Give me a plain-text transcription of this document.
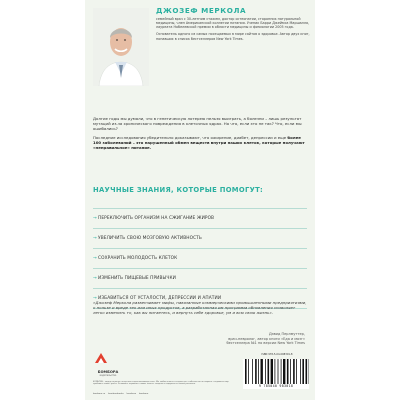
ДЖОЗЕФ МЕРКОЛА

семейный врач с 30-летним стажем, доктор остеопатии, сторонник натуральной медицины, член Американской коллегии питания. Ученик Барри Джеймса Маршалла, лауреата Нобелевской премии в области медицины и физиологии 2005 года.

Основатель одного из самых посещаемых в мире сайтов о здоровье. Автор двух книг, попавших в список бестселлеров New York Times.

Долгие годы мы думали, что в генетическую лотерею нельзя выиграть, а болезни – лишь результат мутаций из-за хронического повреждения в клеточных ядрах. Но что, если это не так? Что, если мы ошибались?

Последние исследования убедительно доказывают, что ожирение, диабет, депрессии и еще более 100 заболеваний – это нарушенный обмен веществ внутри наших клеток, которые получают «неправильное» питание.

НАУЧНЫЕ ЗНАНИЯ, КОТОРЫЕ ПОМОГУТ:
→ ПЕРЕКЛЮЧИТЬ ОРГАНИЗМ НА СЖИГАНИЕ ЖИРОВ
→ УВЕЛИЧИТЬ СВОЮ МОЗГОВУЮ АКТИВНОСТЬ
→ СОХРАНИТЬ МОЛОДОСТЬ КЛЕТОК
→ ИЗМЕНИТЬ ПИЩЕВЫЕ ПРИВЫЧКИ
→ ИЗБАВИТЬСЯ ОТ УСТАЛОСТИ, ДЕПРЕССИИ И АПАТИИ
«Джозеф Меркола развенчивает мифы, навязанные коммерческими промышленными предприятиями, о пользе и вреде тех или иных продуктов, а разработанная им программа обновления позволяет легко изменить то, как вы питаетесь, и вернуть себе здоровье, ум и всю свою жизнь».
Дэвид Перлмуттер,
врач-невролог, автор книги «Еда и мозг»
бестселлера №1 по версии New York Times
БОМБОРА
издательство
БОМБОРА – лидер на рынке полезных и вдохновляющих книг. Мы любим книги и создаем их, чтобы вы могли творить, открывать мир, пробовать новое, расти. Узнавайте первыми о новых книгах, скидках и подарках из нашей рассылки.
bombora.ru bomborabooks bombora bombora
ISBN 978-5-04-098301-8
9 785040 983018
